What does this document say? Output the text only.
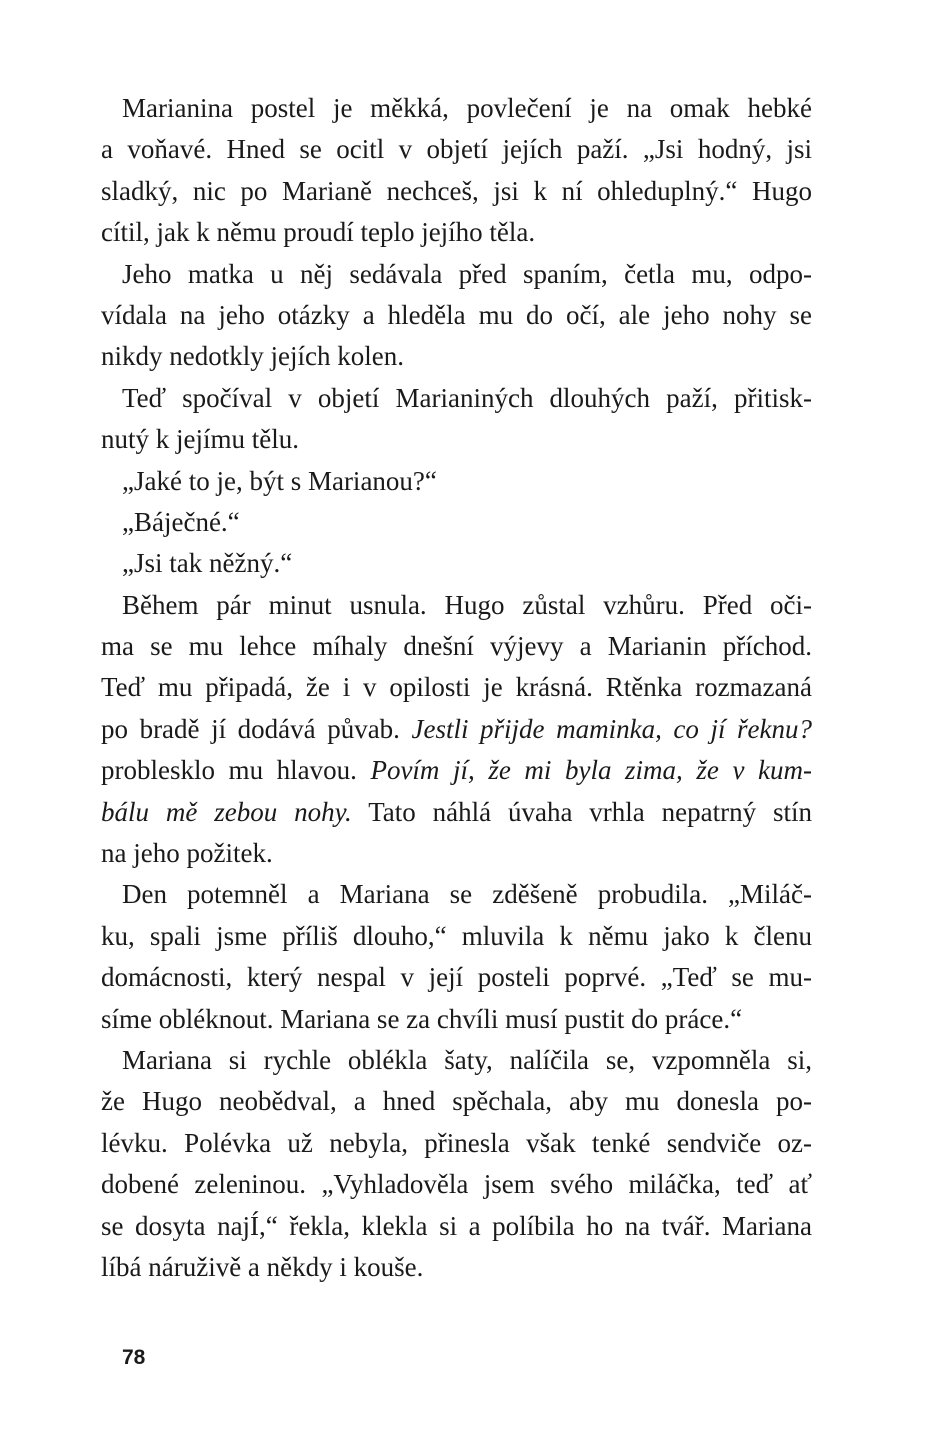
Marianina postel je měkká, povlečení je na omak hebké
a voňavé. Hned se ocitl v objetí jejích paží. „Jsi hodný, jsi
sladký, nic po Marianě nechceš, jsi k ní ohleduplný.“ Hugo
cítil, jak k němu proudí teplo jejího těla.
Jeho matka u něj sedávala před spaním, četla mu, odpo-
vídala na jeho otázky a hleděla mu do očí, ale jeho nohy se
nikdy nedotkly jejích kolen.
Teď spočíval v objetí Marianiných dlouhých paží, přitisk-
nutý k jejímu tělu.
„Jaké to je, být s Marianou?“
„Báječné.“
„Jsi tak něžný.“
Během pár minut usnula. Hugo zůstal vzhůru. Před oči-
ma se mu lehce míhaly dnešní výjevy a Marianin příchod.
Teď mu připadá, že i v opilosti je krásná. Rtěnka rozmazaná
po bradě jí dodává půvab. Jestli přijde maminka, co jí řeknu?
problesklo mu hlavou. Povím jí, že mi byla zima, že v kum-
bálu mě zebou nohy. Tato náhlá úvaha vrhla nepatrný stín
na jeho požitek.
Den potemněl a Mariana se zděšeně probudila. „Miláč-
ku, spali jsme příliš dlouho,“ mluvila k němu jako k členu
domácnosti, který nespal v její posteli poprvé. „Teď se mu-
síme obléknout. Mariana se za chvíli musí pustit do práce.“
Mariana si rychle oblékla šaty, nalíčila se, vzpomněla si,
že Hugo neobědval, a hned spěchala, aby mu donesla po-
lévku. Polévka už nebyla, přinesla však tenké sendviče oz-
dobené zeleninou. „Vyhladověla jsem svého miláčka, teď ať
se dosyta najÍ,“ řekla, klekla si a políbila ho na tvář. Mariana
líbá náruživě a někdy i kouše.
78
